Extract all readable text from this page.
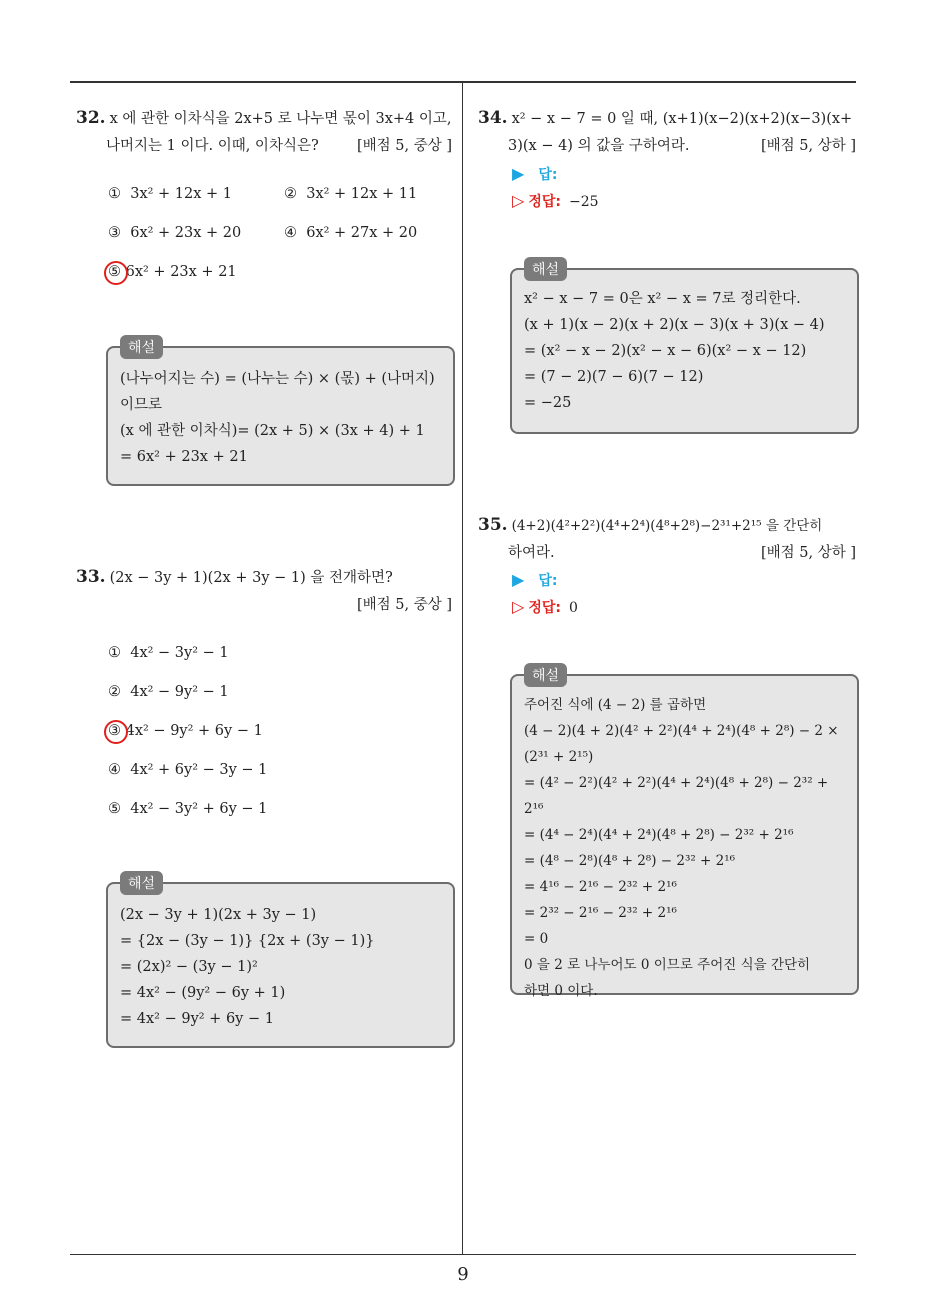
32. x 에 관한 이차식을 2x+5 로 나누면 몫이 3x+4 이고,
나머지는 1 이다. 이때, 이차식은?	[배점 5, 중상 ]
① 3x² + 12x + 1	② 3x² + 12x + 11
③ 6x² + 23x + 20	④ 6x² + 27x + 20
⑤ 6x² + 23x + 21
해설
(나누어지는 수) = (나누는 수) × (몫) + (나머지)
이므로
(x 에 관한 이차식)= (2x + 5) × (3x + 4) + 1
= 6x² + 23x + 21
33. (2x − 3y + 1)(2x + 3y − 1) 을 전개하면?
[배점 5, 중상 ]
① 4x² − 3y² − 1
② 4x² − 9y² − 1
③ 4x² − 9y² + 6y − 1
④ 4x² + 6y² − 3y − 1
⑤ 4x² − 3y² + 6y − 1
해설
(2x − 3y + 1)(2x + 3y − 1)
= {2x − (3y − 1)} {2x + (3y − 1)}
= (2x)² − (3y − 1)²
= 4x² − (9y² − 6y + 1)
= 4x² − 9y² + 6y − 1
34. x² − x − 7 = 0 일 때, (x+1)(x−2)(x+2)(x−3)(x+
3)(x − 4) 의 값을 구하여라.	[배점 5, 상하 ]
▶ 답:
▷ 정답: −25
해설
x² − x − 7 = 0은 x² − x = 7로 정리한다.
(x + 1)(x − 2)(x + 2)(x − 3)(x + 3)(x − 4)
= (x² − x − 2)(x² − x − 6)(x² − x − 12)
= (7 − 2)(7 − 6)(7 − 12)
= −25
35. (4+2)(4²+2²)(4⁴+2⁴)(4⁸+2⁸)−2³¹+2¹⁵ 을 간단히
하여라.	[배점 5, 상하 ]
▶ 답:
▷ 정답: 0
해설
주어진 식에 (4 − 2) 를 곱하면
(4 − 2)(4 + 2)(4² + 2²)(4⁴ + 2⁴)(4⁸ + 2⁸) − 2 ×
(2³¹ + 2¹⁵)
= (4² − 2²)(4² + 2²)(4⁴ + 2⁴)(4⁸ + 2⁸) − 2³² + 2¹⁶
= (4⁴ − 2⁴)(4⁴ + 2⁴)(4⁸ + 2⁸) − 2³² + 2¹⁶
= (4⁸ − 2⁸)(4⁸ + 2⁸) − 2³² + 2¹⁶
= 4¹⁶ − 2¹⁶ − 2³² + 2¹⁶
= 2³² − 2¹⁶ − 2³² + 2¹⁶
= 0
0 을 2 로 나누어도 0 이므로 주어진 식을 간단히
하면 0 이다.
9
